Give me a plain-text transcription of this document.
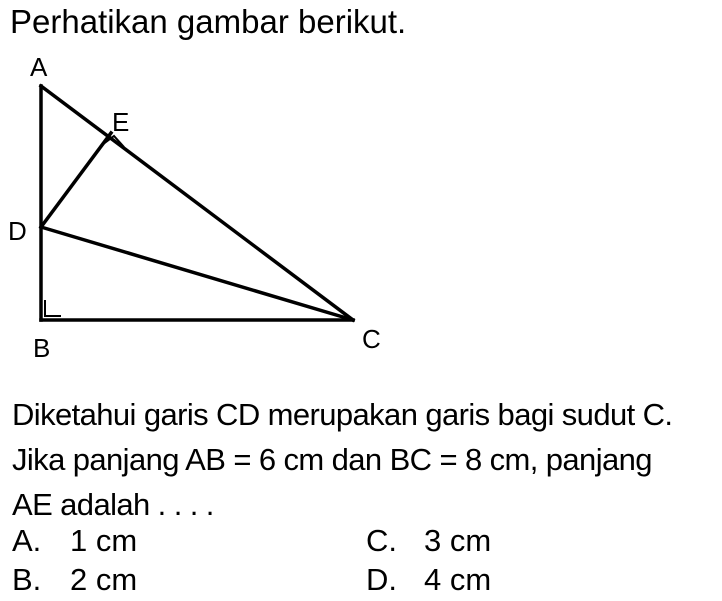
Perhatikan gambar berikut.
A
E
D
B	C
Diketahui garis CD merupakan garis bagi sudut C.
Jika panjang AB = 6 cm dan BC = 8 cm, panjang
AE adalah . . . .
A. 1 cm
B. 2 cm
C. 3 cm
D. 4 cm
